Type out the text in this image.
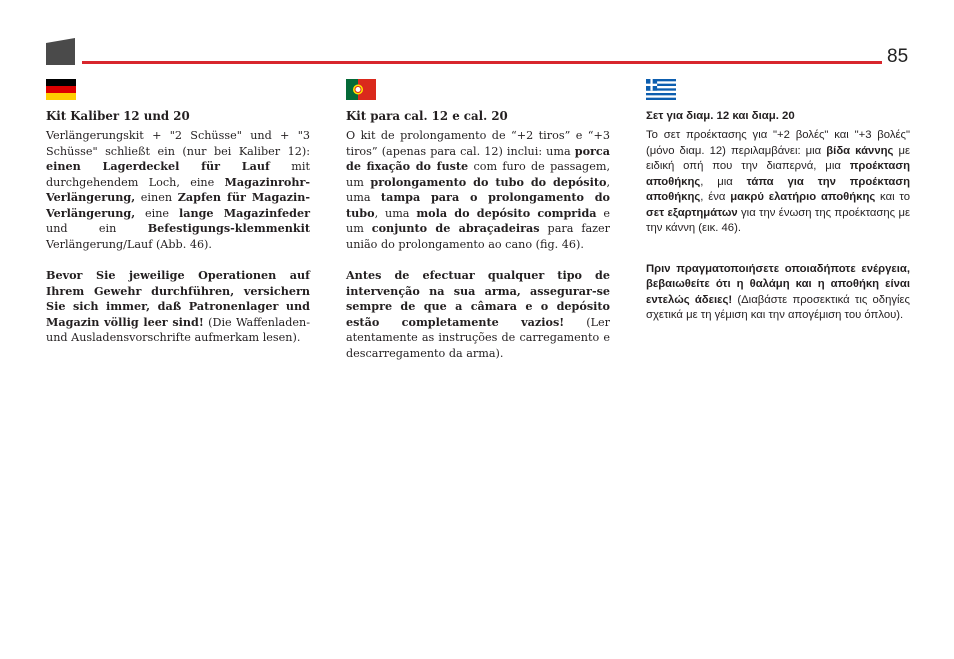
85
Kit Kaliber 12 und 20
Verlängerungskit + "2 Schüsse" und + "3 Schüsse" schließt ein (nur bei Kaliber 12): einen Lagerdeckel für Lauf mit durchgehendem Loch, eine Magazinrohr-Verlängerung, einen Zapfen für Magazin-Verlängerung, eine lange Magazinfeder und ein Befestigungs-klemmenkit Verlängerung/Lauf (Abb. 46).
Bevor Sie jeweilige Operationen auf Ihrem Gewehr durchführen, versichern Sie sich immer, daß Patronenlager und Magazin völlig leer sind! (Die Waffenladen- und Ausladensvorschrifte aufmerkam lesen).
Kit para cal. 12 e cal. 20
O kit de prolongamento de “+2 tiros” e “+3 tiros” (apenas para cal. 12) inclui: uma porca de fixação do fuste com furo de passagem, um prolongamento do tubo do depósito, uma tampa para o prolongamento do tubo, uma mola do depósito comprida e um conjunto de abraçadeiras para fazer união do prolongamento ao cano (fig. 46).
Antes de efectuar qualquer tipo de intervenção na sua arma, assegurar-se sempre de que a câmara e o depósito estão completamente vazios! (Ler atentamente as instruções de carregamento e descarregamento da arma).
Σετ για διαμ. 12 και διαμ. 20
Το σετ προέκτασης για "+2 βολές" και "+3 βολές" (μόνο διαμ. 12) περιλαμβάνει: μια βίδα κάννης με ειδική οπή που την διαπερνά, μια προέκταση αποθήκης, μια τάπα για την προέκταση αποθήκης, ένα μακρύ ελατήριο αποθήκης και το σετ εξαρτημάτων για την ένωση της προέκτασης με την κάννη (εικ. 46).
Πριν πραγματοποιήσετε οποιαδήποτε ενέργεια, βεβαιωθείτε ότι η θαλάμη και η αποθήκη είναι εντελώς άδειες! (Διαβάστε προσεκτικά τις οδηγίες σχετικά με τη γέμιση και την απογέμιση του όπλου).
